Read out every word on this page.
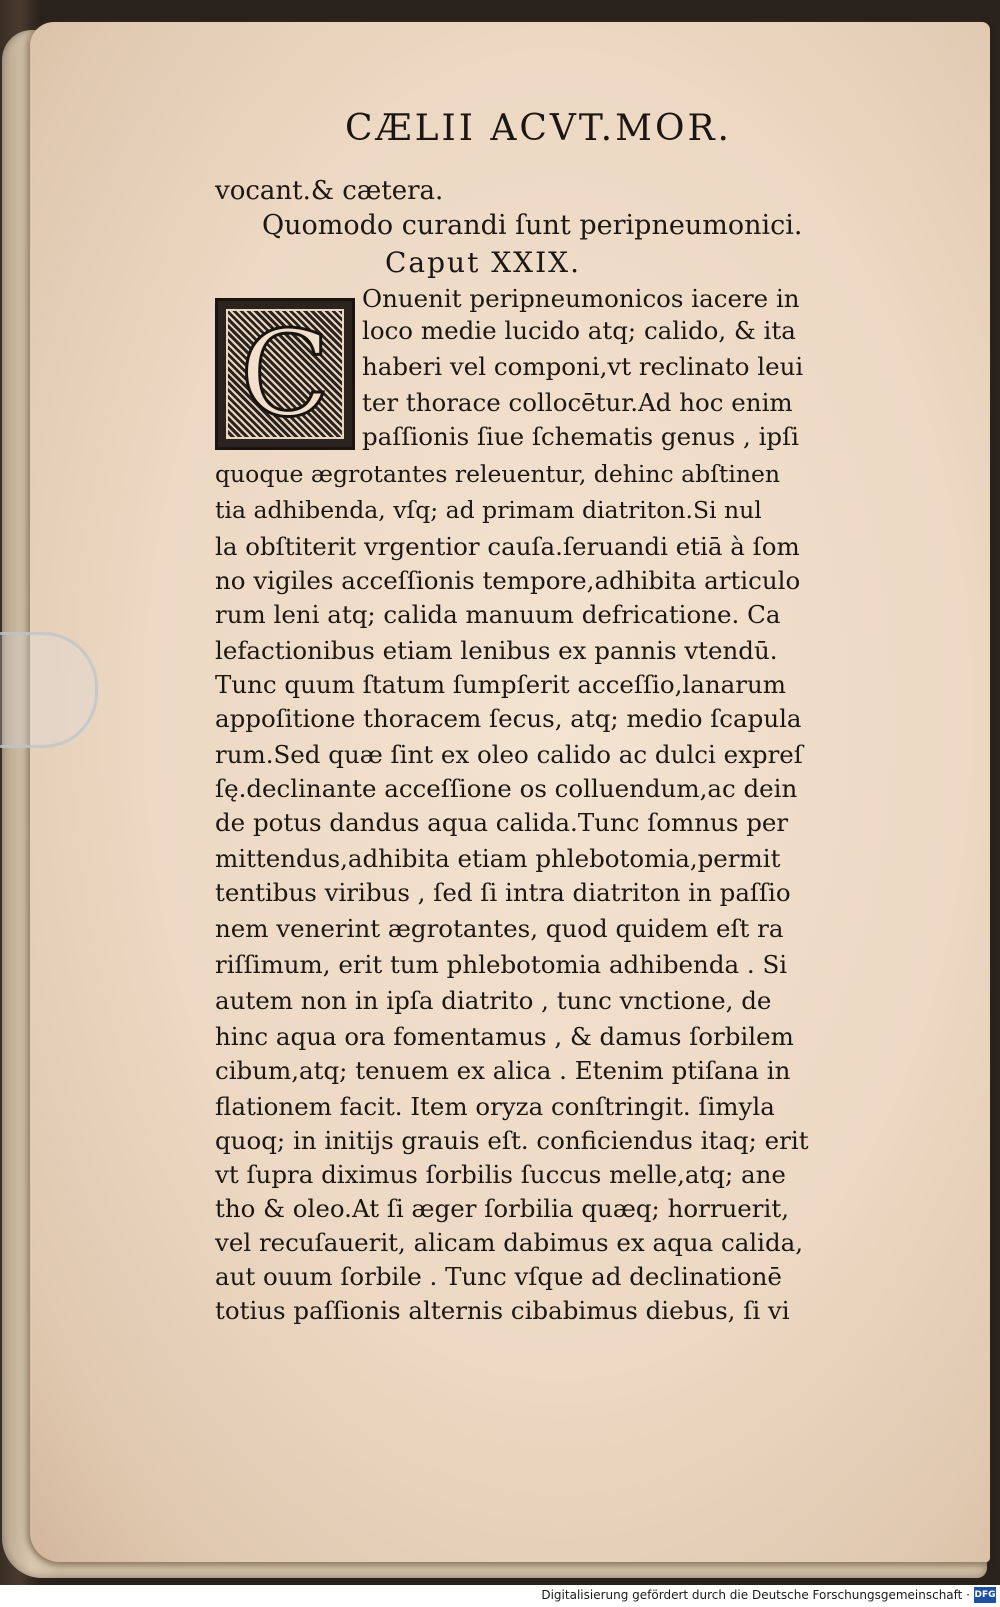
CÆLII ACVT.MOR.
vocant.& cætera.
Quomodo curandi ſunt peripneumonici.
Caput XXIX.
C
Onuenit peripneumonicos iacere in
loco medie lucido atq; calido, & ita
haberi vel componi,vt reclinato leui
ter thorace collocētur.Ad hoc enim
paſſionis ſiue ſchematis genus , ipſi
quoque ægrotantes releuentur, dehinc abſtinen
tia adhibenda, vſq; ad primam diatriton.Si nul
la obſtiterit vrgentior cauſa.ſeruandi etiā à ſom
no vigiles acceſſionis tempore,adhibita articulo
rum leni atq; calida manuum defricatione. Ca
lefactionibus etiam lenibus ex pannis vtendū.
Tunc quum ſtatum ſumpſerit acceſſio,lanarum
appoſitione thoracem ſecus, atq; medio ſcapula
rum.Sed quæ ſint ex oleo calido ac dulci expreſ
ſę.declinante acceſſione os colluendum,ac dein
de potus dandus aqua calida.Tunc ſomnus per
mittendus,adhibita etiam phlebotomia,permit
tentibus viribus , ſed ſi intra diatriton in paſſio
nem venerint ægrotantes, quod quidem eſt ra
riſſimum, erit tum phlebotomia adhibenda . Si
autem non in ipſa diatrito , tunc vnctione, de
hinc aqua ora fomentamus , & damus ſorbilem
cibum,atq; tenuem ex alica . Etenim ptiſana in
flationem facit. Item oryza conſtringit. ſimyla
quoq; in initijs grauis eſt. conficiendus itaq; erit
vt ſupra diximus ſorbilis ſuccus melle,atq; ane
tho & oleo.At ſi æger ſorbilia quæq; horruerit,
vel recuſauerit, alicam dabimus ex aqua calida,
aut ouum ſorbile . Tunc vſque ad declinationē
totius paſſionis alternis cibabimus diebus, ſi vi
Digitalisierung gefördert durch die Deutsche Forschungsgemeinschaft · DFG
